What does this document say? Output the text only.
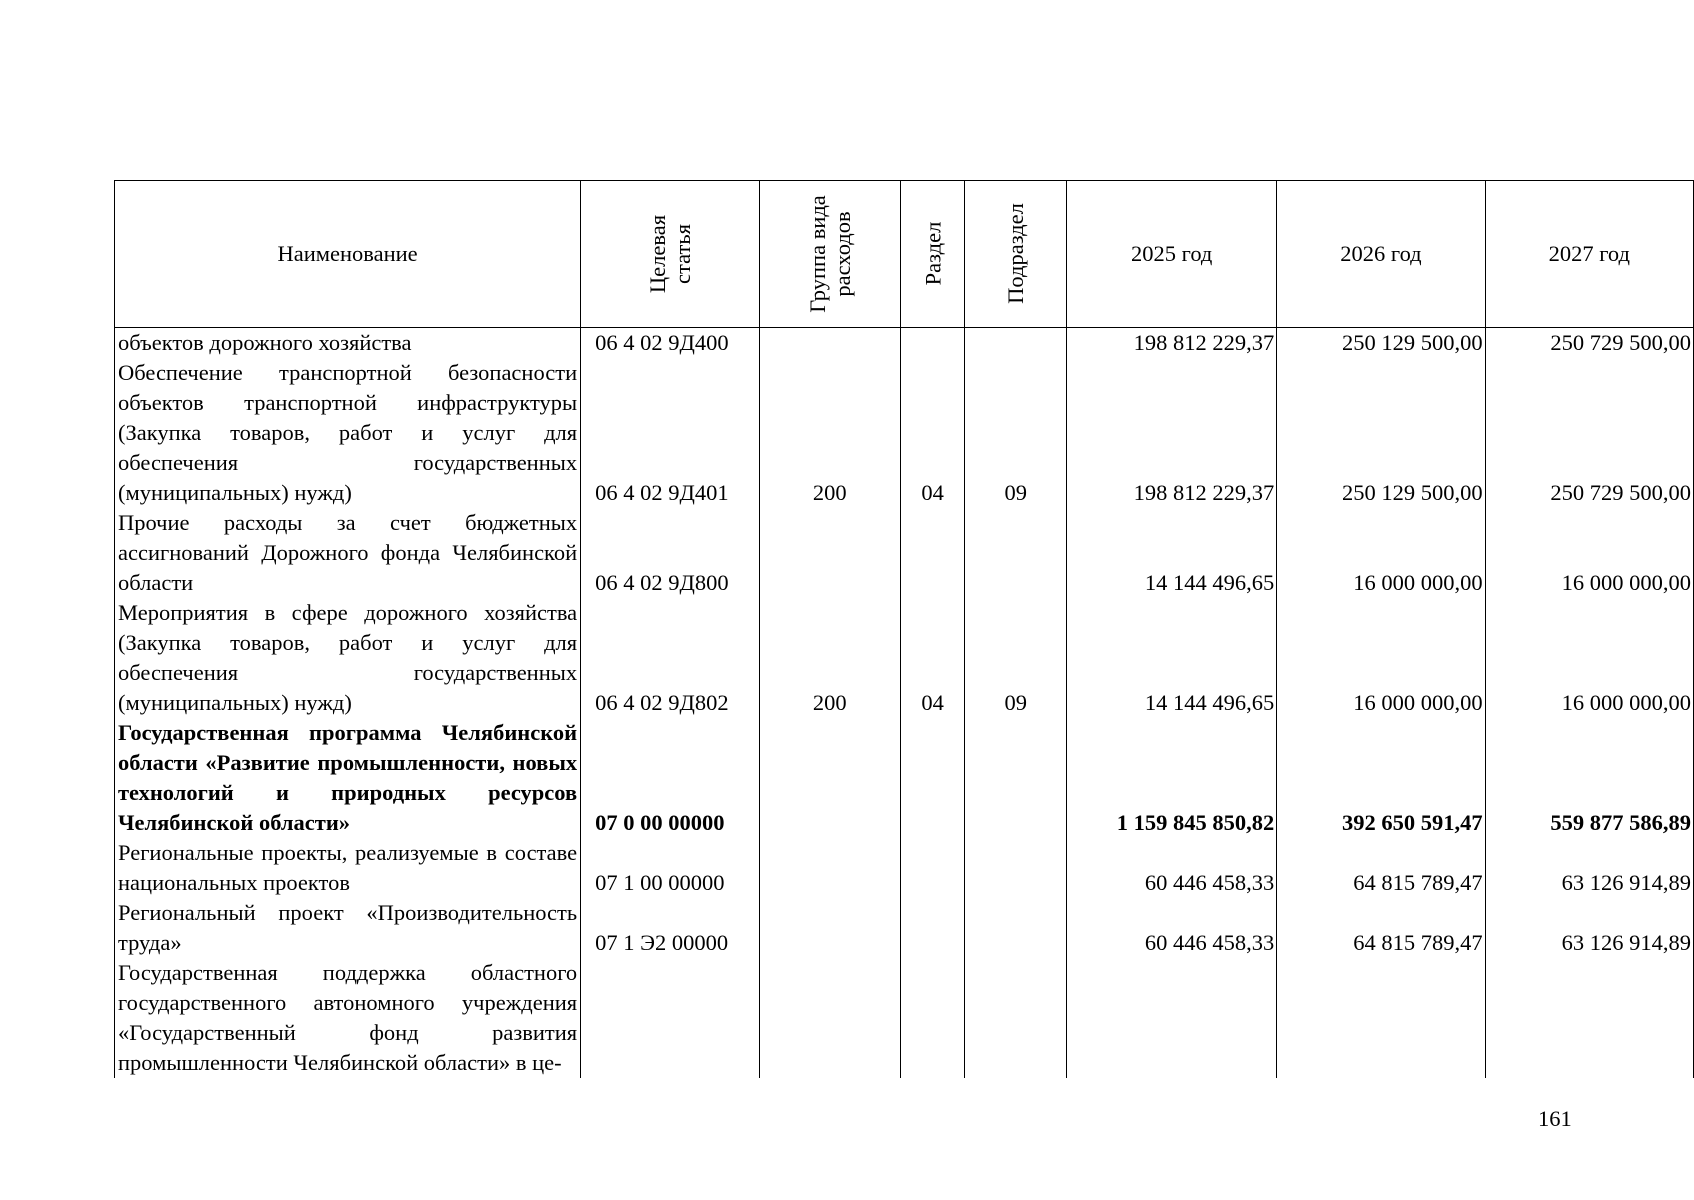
Наименование	Целевая статья	Группа вида расходов	Раздел	Подраздел	2025 год	2026 год	2027 год
объектов дорожного хозяйства	06 4 02 9Д400				198 812 229,37	250 129 500,00	250 729 500,00
Обеспечение транспортной безопасности объектов транспортной инфраструктуры (Закупка товаров, работ и услуг для обеспечения государственных (муниципальных) нужд)	06 4 02 9Д401	200	04	09	198 812 229,37	250 129 500,00	250 729 500,00
Прочие расходы за счет бюджетных ассигнований Дорожного фонда Челябинской области	06 4 02 9Д800				14 144 496,65	16 000 000,00	16 000 000,00
Мероприятия в сфере дорожного хозяйства (Закупка товаров, работ и услуг для обеспечения государственных (муниципальных) нужд)	06 4 02 9Д802	200	04	09	14 144 496,65	16 000 000,00	16 000 000,00
Государственная программа Челябинской области «Развитие промышленности, новых технологий и природных ресурсов Челябинской области»	07 0 00 00000				1 159 845 850,82	392 650 591,47	559 877 586,89
Региональные проекты, реализуемые в составе национальных проектов	07 1 00 00000				60 446 458,33	64 815 789,47	63 126 914,89
Региональный проект «Производительность труда»	07 1 Э2 00000				60 446 458,33	64 815 789,47	63 126 914,89
Государственная поддержка областного государственного автономного учреждения «Государственный фонд развития промышленности Челябинской области» в це-							
161
